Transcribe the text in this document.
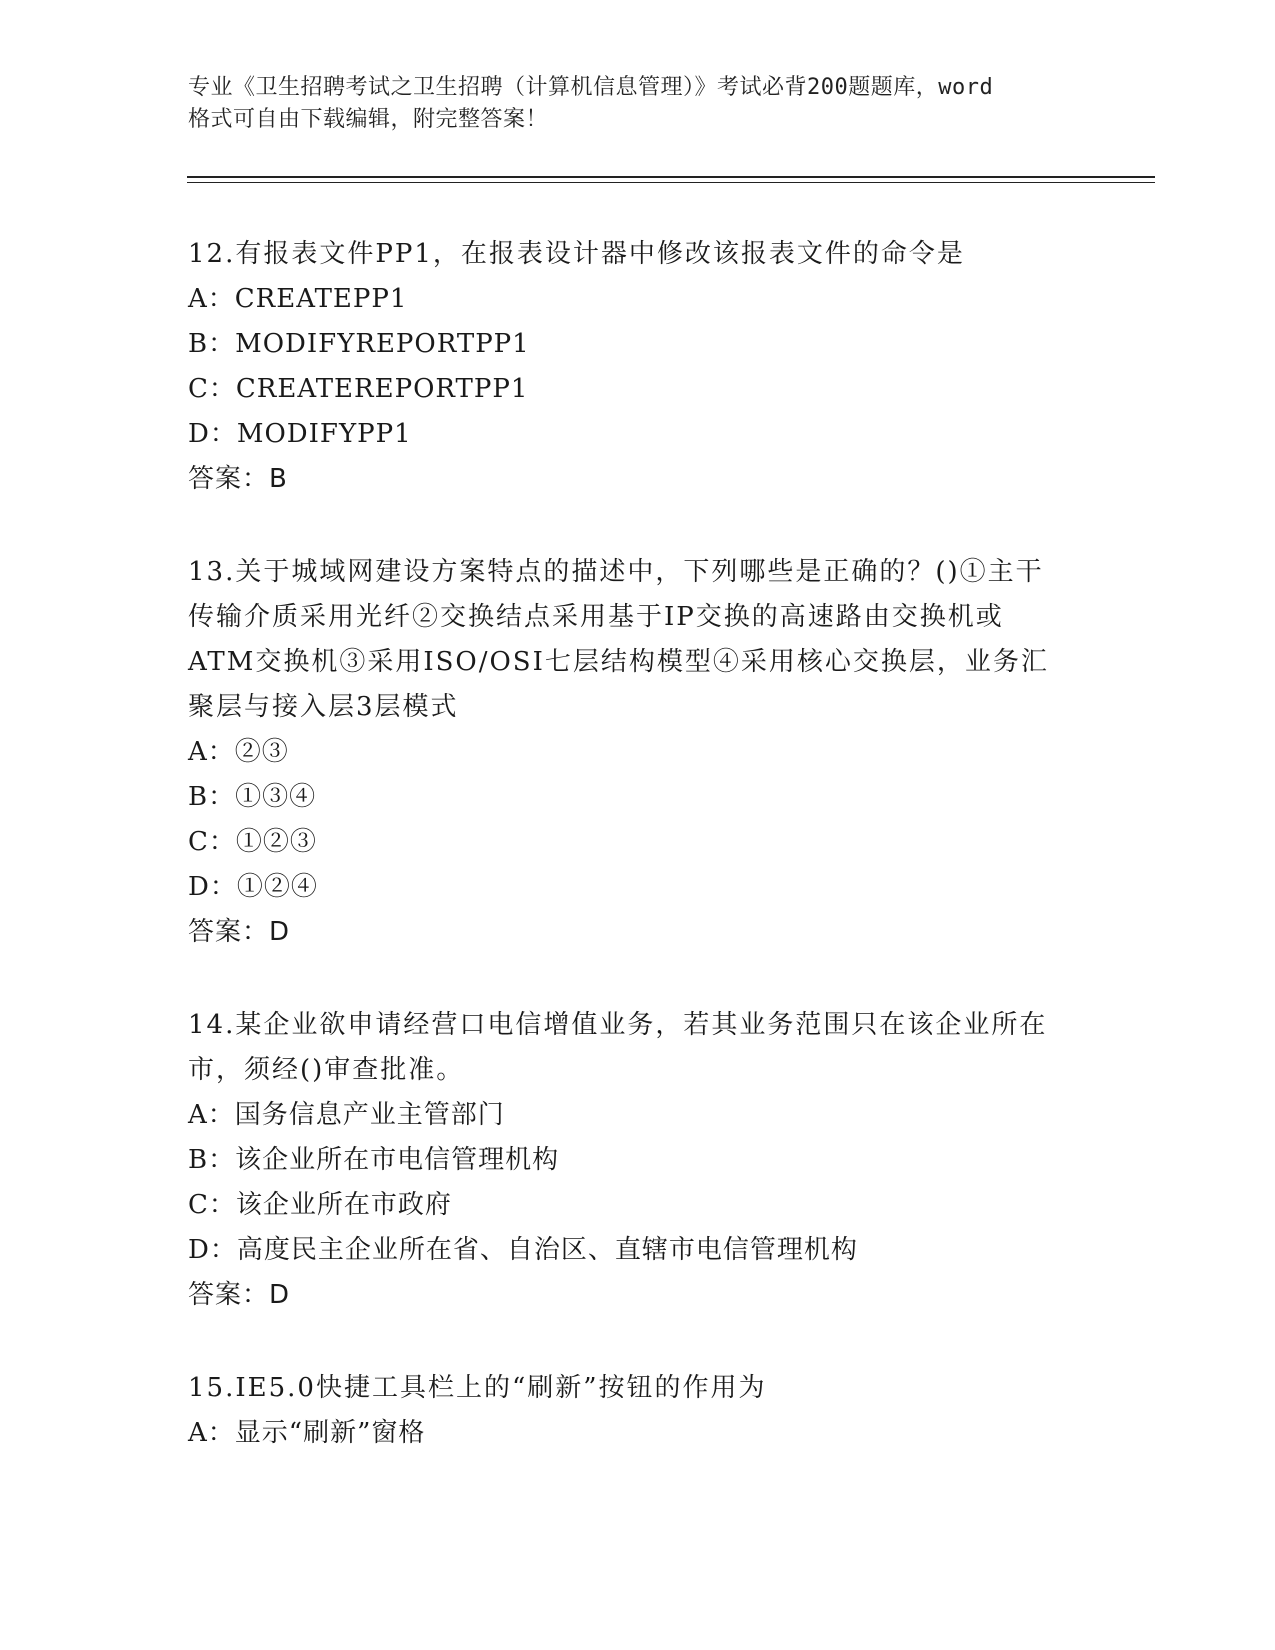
专业《卫生招聘考试之卫生招聘（计算机信息管理）》考试必背200题题库，word
格式可自由下载编辑，附完整答案！
12.有报表文件PP1，在报表设计器中修改该报表文件的命令是
A：CREATEPP1
B：MODIFYREPORTPP1
C：CREATEREPORTPP1
D：MODIFYPP1
答案：B
13.关于城域网建设方案特点的描述中，下列哪些是正确的？()①主干
传输介质采用光纤②交换结点采用基于IP交换的高速路由交换机或
ATM交换机③采用ISO/OSI七层结构模型④采用核心交换层，业务汇
聚层与接入层3层模式
A：②③
B：①③④
C：①②③
D：①②④
答案：D
14.某企业欲申请经营口电信增值业务，若其业务范围只在该企业所在
市，须经()审查批准。
A：国务信息产业主管部门
B：该企业所在市电信管理机构
C：该企业所在市政府
D：高度民主企业所在省、自治区、直辖市电信管理机构
答案：D
15.IE5.0快捷工具栏上的“刷新”按钮的作用为
A：显示“刷新”窗格
